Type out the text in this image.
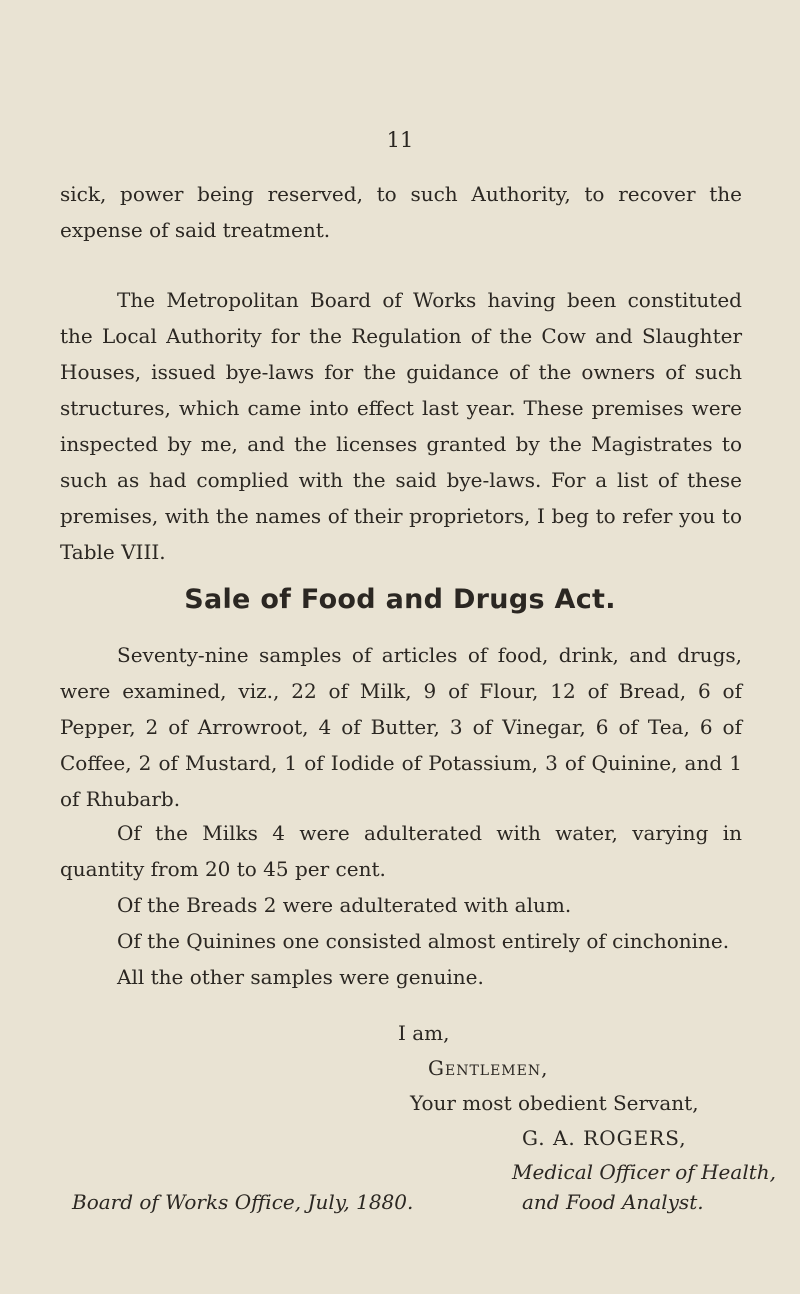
11
sick, power being reserved, to such Authority, to recover the expense of said treatment.
The Metropolitan Board of Works having been constituted the Local Authority for the Regulation of the Cow and Slaughter Houses, issued bye-laws for the guidance of the owners of such structures, which came into effect last year. These premises were inspected by me, and the licenses granted by the Magistrates to such as had complied with the said bye-laws. For a list of these premises, with the names of their proprietors, I beg to refer you to Table VIII.
Sale of Food and Drugs Act.
Seventy-nine samples of articles of food, drink, and drugs, were examined, viz., 22 of Milk, 9 of Flour, 12 of Bread, 6 of Pepper, 2 of Arrowroot, 4 of Butter, 3 of Vinegar, 6 of Tea, 6 of Coffee, 2 of Mustard, 1 of Iodide of Potassium, 3 of Quinine, and 1 of Rhubarb.
Of the Milks 4 were adulterated with water, varying in quantity from 20 to 45 per cent.
Of the Breads 2 were adulterated with alum.
Of the Quinines one consisted almost entirely of cinchonine.
All the other samples were genuine.
I am,
Gentlemen,
Your most obedient Servant,
G. A. ROGERS,
Medical Officer of Health,
and Food Analyst.
Board of Works Office, July, 1880.
